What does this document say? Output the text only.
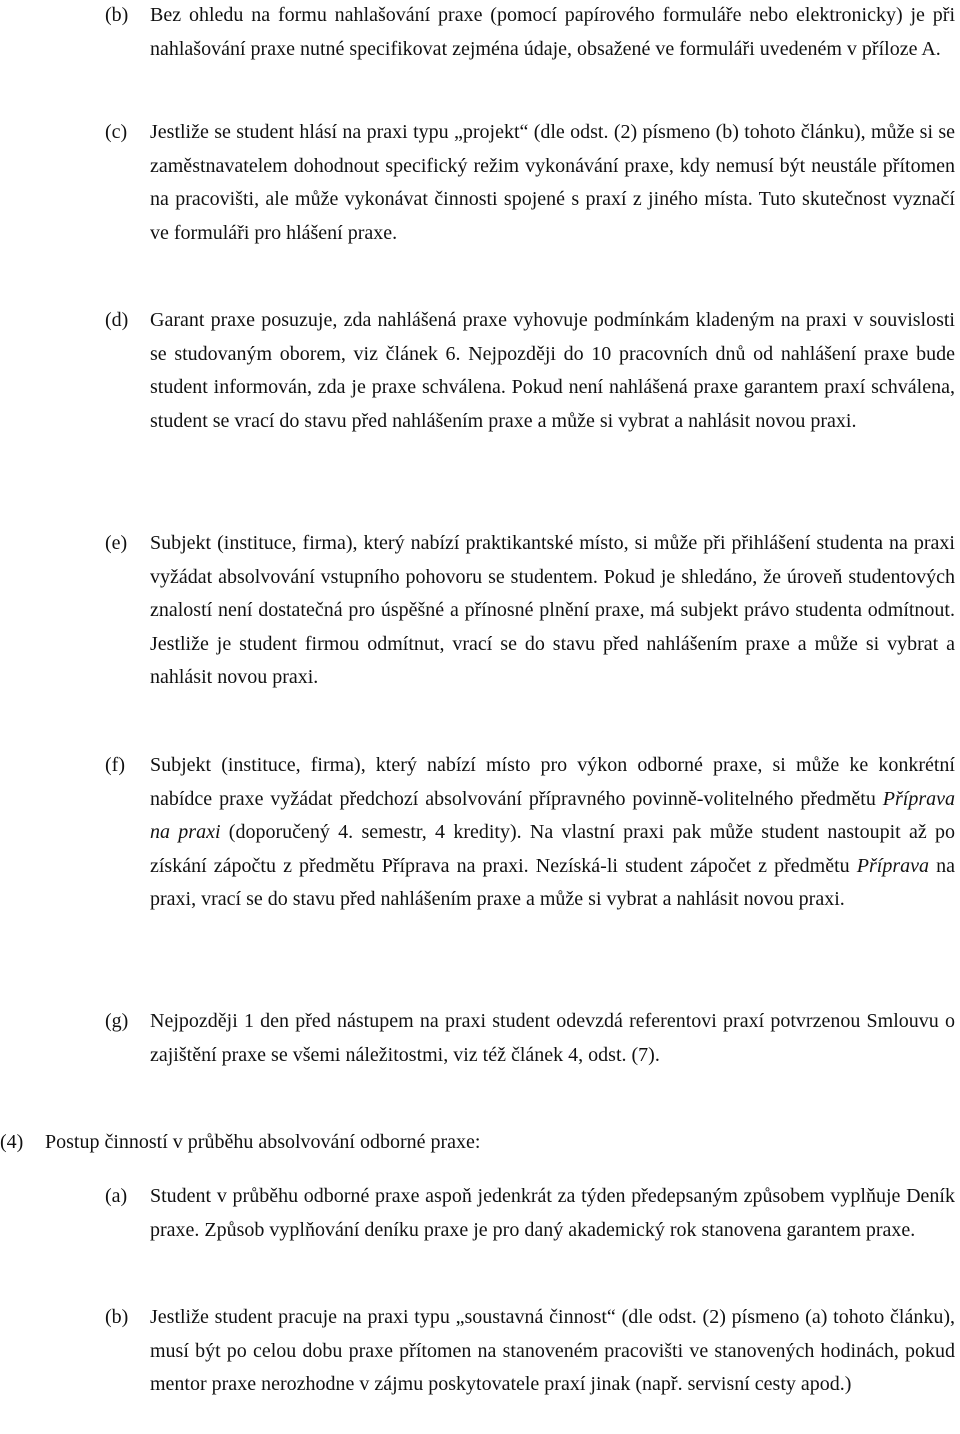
(b) Bez ohledu na formu nahlašování praxe (pomocí papírového formuláře nebo elektronicky) je při nahlašování praxe nutné specifikovat zejména údaje, obsažené ve formuláři uvedeném v příloze A.
(c) Jestliže se student hlásí na praxi typu „projekt“ (dle odst. (2) písmeno (b) tohoto článku), může si se zaměstnavatelem dohodnout specifický režim vykonávání praxe, kdy nemusí být neustále přítomen na pracovišti, ale může vykonávat činnosti spojené s praxí z jiného místa. Tuto skutečnost vyznačí ve formuláři pro hlášení praxe.
(d) Garant praxe posuzuje, zda nahlášená praxe vyhovuje podmínkám kladeným na praxi v souvislosti se studovaným oborem, viz článek 6. Nejpozději do 10 pracovních dnů od nahlášení praxe bude student informován, zda je praxe schválena. Pokud není nahlášená praxe garantem praxí schválena, student se vrací do stavu před nahlášením praxe a může si vybrat a nahlásit novou praxi.
(e) Subjekt (instituce, firma), který nabízí praktikantské místo, si může při přihlášení studenta na praxi vyžádat absolvování vstupního pohovoru se studentem. Pokud je shledáno, že úroveň studentových znalostí není dostatečná pro úspěšné a přínosné plnění praxe, má subjekt právo studenta odmítnout. Jestliže je student firmou odmítnut, vrací se do stavu před nahlášením praxe a může si vybrat a nahlásit novou praxi.
(f) Subjekt (instituce, firma), který nabízí místo pro výkon odborné praxe, si může ke konkrétní nabídce praxe vyžádat předchozí absolvování přípravného povinně-volitelného předmětu Příprava na praxi (doporučený 4. semestr, 4 kredity). Na vlastní praxi pak může student nastoupit až po získání zápočtu z předmětu Příprava na praxi. Nezíská-li student zápočet z předmětu Příprava na praxi, vrací se do stavu před nahlášením praxe a může si vybrat a nahlásit novou praxi.
(g) Nejpozději 1 den před nástupem na praxi student odevzdá referentovi praxí potvrzenou Smlouvu o zajištění praxe se všemi náležitostmi, viz též článek 4, odst. (7).
(4) Postup činností v průběhu absolvování odborné praxe:
(a) Student v průběhu odborné praxe aspoň jedenkrát za týden předepsaným způsobem vyplňuje Deník praxe. Způsob vyplňování deníku praxe je pro daný akademický rok stanovena garantem praxe.
(b) Jestliže student pracuje na praxi typu „soustavná činnost“ (dle odst. (2) písmeno (a) tohoto článku), musí být po celou dobu praxe přítomen na stanoveném pracovišti ve stanovených hodinách, pokud mentor praxe nerozhodne v zájmu poskytovatele praxí jinak (např. servisní cesty apod.)
